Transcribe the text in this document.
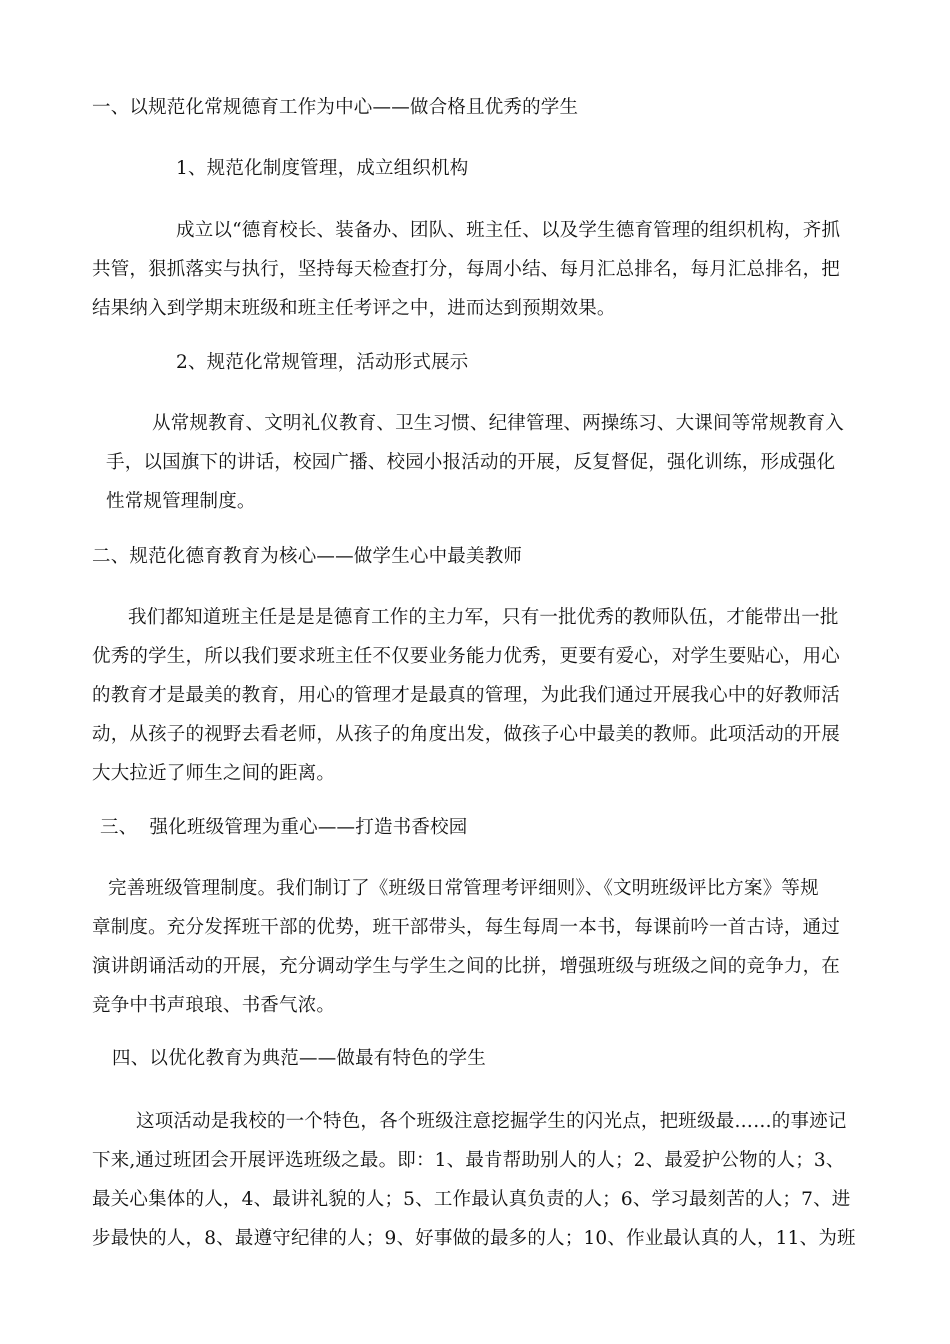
一、以规范化常规德育工作为中心——做合格且优秀的学生
1、规范化制度管理，成立组织机构
成立以“德育校长、装备办、团队、班主任、以及学生德育管理的组织机构，齐抓
共管，狠抓落实与执行，坚持每天检查打分，每周小结、每月汇总排名，每月汇总排名，把
结果纳入到学期末班级和班主任考评之中，进而达到预期效果。
2、规范化常规管理，活动形式展示
从常规教育、文明礼仪教育、卫生习惯、纪律管理、两操练习、大课间等常规教育入
手，以国旗下的讲话，校园广播、校园小报活动的开展，反复督促，强化训练，形成强化
性常规管理制度。
二、规范化德育教育为核心——做学生心中最美教师
我们都知道班主任是是是德育工作的主力军，只有一批优秀的教师队伍，才能带出一批
优秀的学生，所以我们要求班主任不仅要业务能力优秀，更要有爱心，对学生要贴心，用心
的教育才是最美的教育，用心的管理才是最真的管理，为此我们通过开展我心中的好教师活
动，从孩子的视野去看老师，从孩子的角度出发，做孩子心中最美的教师。此项活动的开展
大大拉近了师生之间的距离。
三、  强化班级管理为重心——打造书香校园
完善班级管理制度。我们制订了《班级日常管理考评细则》、《文明班级评比方案》等规
章制度。充分发挥班干部的优势，班干部带头，每生每周一本书，每课前吟一首古诗，通过
演讲朗诵活动的开展，充分调动学生与学生之间的比拼，增强班级与班级之间的竞争力，在
竞争中书声琅琅、书香气浓。
四、以优化教育为典范——做最有特色的学生
这项活动是我校的一个特色，各个班级注意挖掘学生的闪光点，把班级最……的事迹记
下来,通过班团会开展评选班级之最。即：1、最肯帮助别人的人；2、最爱护公物的人；3、
最关心集体的人，4、最讲礼貌的人；5、工作最认真负责的人；6、学习最刻苦的人；7、进
步最快的人，8、最遵守纪律的人；9、好事做的最多的人；10、作业最认真的人，11、为班
